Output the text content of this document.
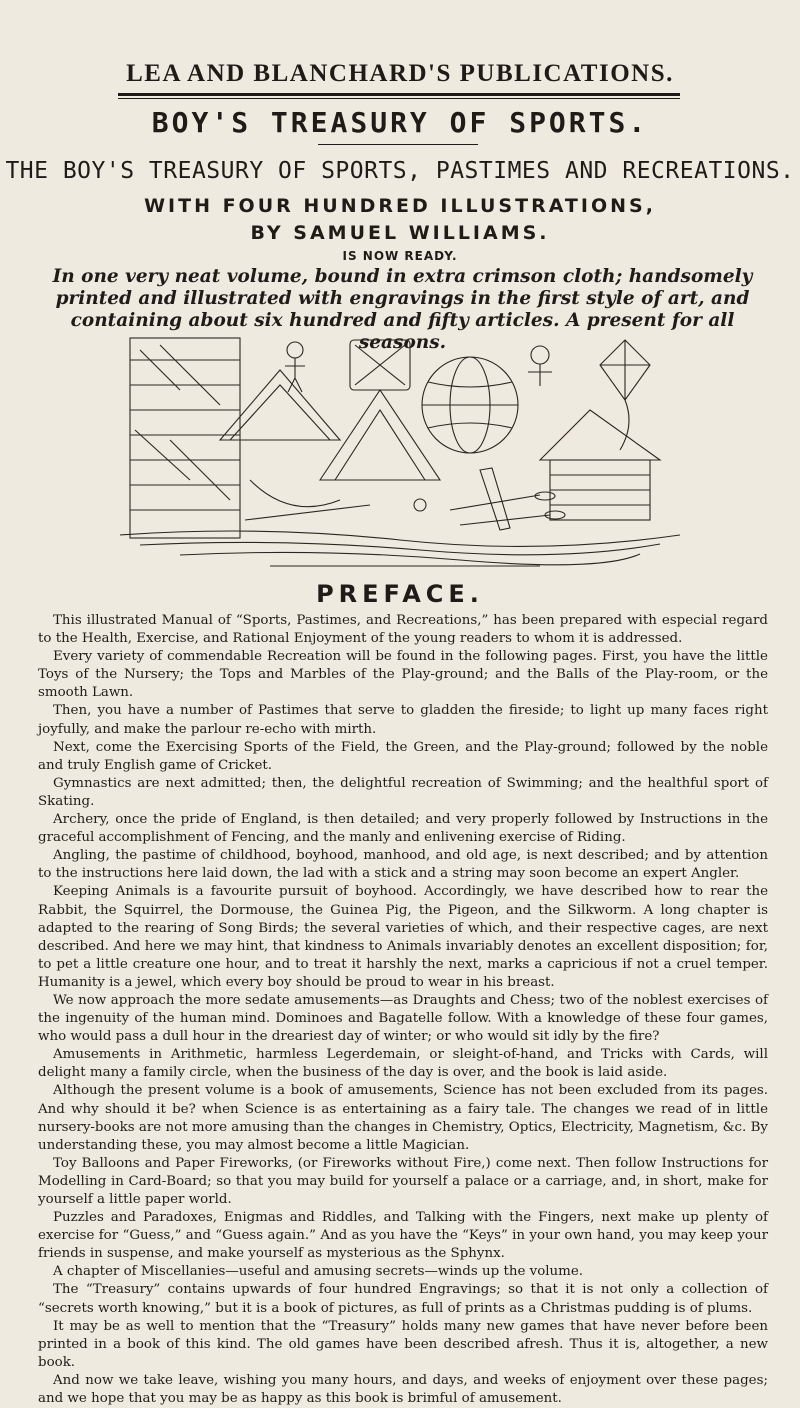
LEA AND BLANCHARD'S PUBLICATIONS.
BOY'S TREASURY OF SPORTS.
THE BOY'S TREASURY OF SPORTS, PASTIMES AND RECREATIONS.
WITH FOUR HUNDRED ILLUSTRATIONS,
BY SAMUEL WILLIAMS.
IS NOW READY.
In one very neat volume, bound in extra crimson cloth; handsomely printed and illustrated with engravings in the first style of art, and containing about six hundred and fifty articles. A present for all seasons.
PREFACE.

This illustrated Manual of “Sports, Pastimes, and Recreations,” has been prepared with especial regard to the Health, Exercise, and Rational Enjoyment of the young readers to whom it is addressed.

Every variety of commendable Recreation will be found in the following pages. First, you have the little Toys of the Nursery; the Tops and Marbles of the Play-ground; and the Balls of the Play-room, or the smooth Lawn.

Then, you have a number of Pastimes that serve to gladden the fireside; to light up many faces right joyfully, and make the parlour re-echo with mirth.

Next, come the Exercising Sports of the Field, the Green, and the Play-ground; followed by the noble and truly English game of Cricket.

Gymnastics are next admitted; then, the delightful recreation of Swimming; and the healthful sport of Skating.

Archery, once the pride of England, is then detailed; and very properly followed by Instructions in the graceful accomplishment of Fencing, and the manly and enlivening exercise of Riding.

Angling, the pastime of childhood, boyhood, manhood, and old age, is next described; and by attention to the instructions here laid down, the lad with a stick and a string may soon become an expert Angler.

Keeping Animals is a favourite pursuit of boyhood. Accordingly, we have described how to rear the Rabbit, the Squirrel, the Dormouse, the Guinea Pig, the Pigeon, and the Silkworm. A long chapter is adapted to the rearing of Song Birds; the several varieties of which, and their respective cages, are next described. And here we may hint, that kindness to Animals invariably denotes an excellent disposition; for, to pet a little creature one hour, and to treat it harshly the next, marks a capricious if not a cruel temper. Humanity is a jewel, which every boy should be proud to wear in his breast.

We now approach the more sedate amusements—as Draughts and Chess; two of the noblest exercises of the ingenuity of the human mind. Dominoes and Bagatelle follow. With a knowledge of these four games, who would pass a dull hour in the dreariest day of winter; or who would sit idly by the fire?

Amusements in Arithmetic, harmless Legerdemain, or sleight-of-hand, and Tricks with Cards, will delight many a family circle, when the business of the day is over, and the book is laid aside.

Although the present volume is a book of amusements, Science has not been excluded from its pages. And why should it be? when Science is as entertaining as a fairy tale. The changes we read of in little nursery-books are not more amusing than the changes in Chemistry, Optics, Electricity, Magnetism, &c. By understanding these, you may almost become a little Magician.

Toy Balloons and Paper Fireworks, (or Fireworks without Fire,) come next. Then follow Instructions for Modelling in Card-Board; so that you may build for yourself a palace or a carriage, and, in short, make for yourself a little paper world.

Puzzles and Paradoxes, Enigmas and Riddles, and Talking with the Fingers, next make up plenty of exercise for “Guess,” and “Guess again.” And as you have the “Keys” in your own hand, you may keep your friends in suspense, and make yourself as mysterious as the Sphynx.

A chapter of Miscellanies—useful and amusing secrets—winds up the volume.

The “Treasury” contains upwards of four hundred Engravings; so that it is not only a collection of “secrets worth knowing,” but it is a book of pictures, as full of prints as a Christmas pudding is of plums.

It may be as well to mention that the “Treasury” holds many new games that have never before been printed in a book of this kind. The old games have been described afresh. Thus it is, altogether, a new book.

And now we take leave, wishing you many hours, and days, and weeks of enjoyment over these pages; and we hope that you may be as happy as this book is brimful of amusement.
